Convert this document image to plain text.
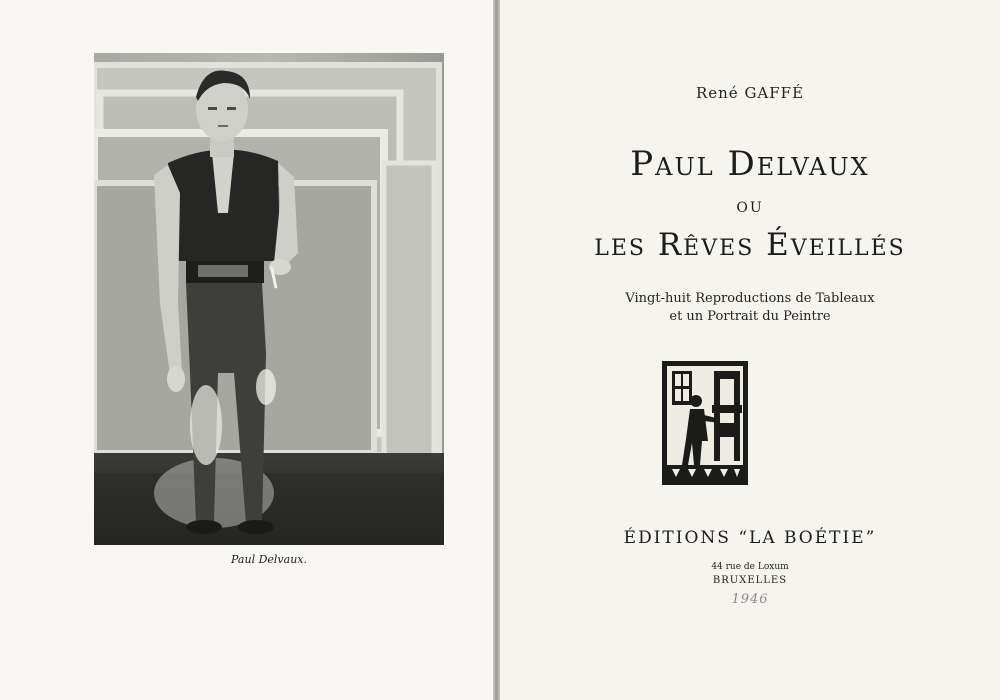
Paul Delvaux.
René GAFFÉ
Paul Delvaux
ou
les Rêves Éveillés
Vingt-huit Reproductions de Tableaux
et un Portrait du Peintre
ÉDITIONS “LA BOÉTIE”
44 rue de Loxum
BRUXELLES
1946
